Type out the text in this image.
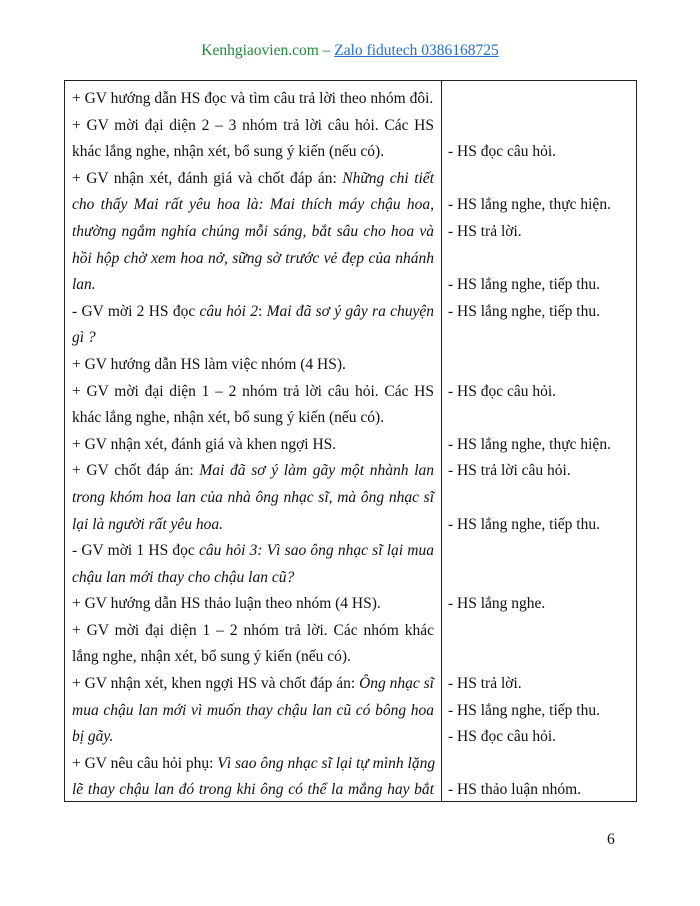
Kenhgiaovien.com – Zalo fidutech 0386168725
+ GV hướng dẫn HS đọc và tìm câu trả lời theo nhóm đôi.
+ GV mời đại diện 2 – 3 nhóm trả lời câu hỏi. Các HS
khác lắng nghe, nhận xét, bổ sung ý kiến (nếu có).
+ GV nhận xét, đánh giá và chốt đáp án: Những chi tiết
cho thấy Mai rất yêu hoa là: Mai thích máy chậu hoa,
thường ngắm nghía chúng mỗi sáng, bắt sâu cho hoa và
hồi hộp chờ xem hoa nở, sững sờ trước vẻ đẹp của nhánh
lan.
- GV mời 2 HS đọc câu hỏi 2: Mai đã sơ ý gây ra chuyện
gì ?
+ GV hướng dẫn HS làm việc nhóm (4 HS).
+ GV mời đại diện 1 – 2 nhóm trả lời câu hỏi. Các HS
khác lắng nghe, nhận xét, bổ sung ý kiến (nếu có).
+ GV nhận xét, đánh giá và khen ngợi HS.
+ GV chốt đáp án: Mai đã sơ ý làm gãy một nhành lan
trong khóm hoa lan của nhà ông nhạc sĩ, mà ông nhạc sĩ
lại là người rất yêu hoa.
- GV mời 1 HS đọc câu hỏi 3: Vì sao ông nhạc sĩ lại mua
chậu lan mới thay cho chậu lan cũ?
+ GV hướng dẫn HS thảo luận theo nhóm (4 HS).
+ GV mời đại diện 1 – 2 nhóm trả lời. Các nhóm khác
lắng nghe, nhận xét, bổ sung ý kiến (nếu có).
+ GV nhận xét, khen ngợi HS và chốt đáp án: Ông nhạc sĩ
mua chậu lan mới vì muốn thay chậu lan cũ có bông hoa
bị gãy.
+ GV nêu câu hỏi phụ: Vì sao ông nhạc sĩ lại tự mình lặng
lẽ thay chậu lan đó trong khi ông có thể la mắng hay bắt
- HS đọc câu hỏi.
- HS lắng nghe, thực hiện.
- HS trả lời.
- HS lắng nghe, tiếp thu.
- HS lắng nghe, tiếp thu.
- HS đọc câu hỏi.
- HS lắng nghe, thực hiện.
- HS trả lời câu hỏi.
- HS lắng nghe, tiếp thu.
- HS lắng nghe.
- HS trả lời.
- HS lắng nghe, tiếp thu.
- HS đọc câu hỏi.
- HS thảo luận nhóm.
6
